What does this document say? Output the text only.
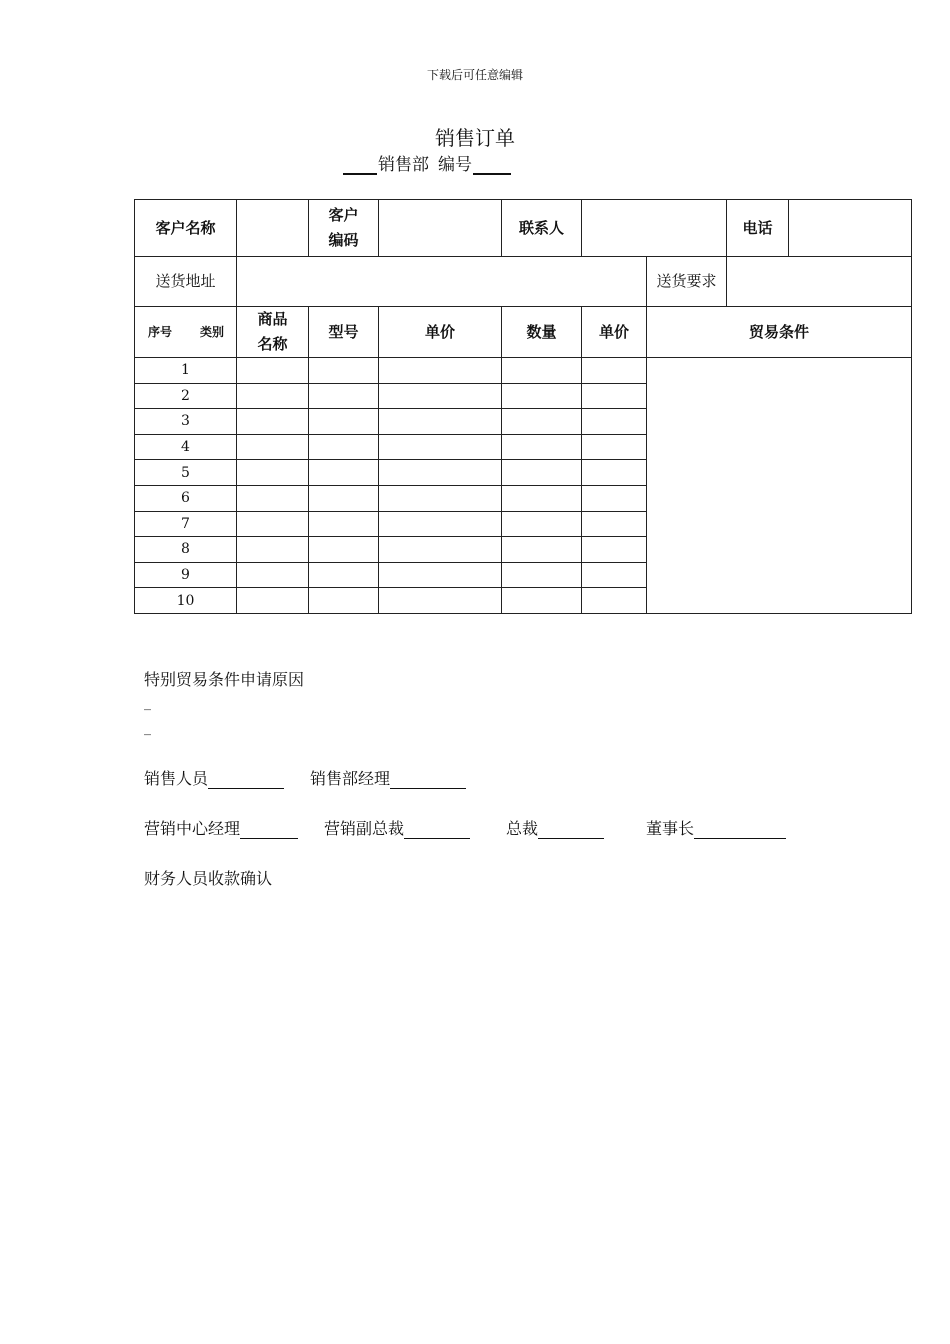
下载后可任意编辑
销售订单
销售部 编号
客户名称		客户编码		联系人			电话	
送货地址						送货要求		

序号 类别	商品名称	型号	单价	数量	单价	贸易条件		
1								
2								
3								
4								
5								
6								
7								
8								
9								
10								
特别贸易条件申请原因
_
_
销售人员	销售部经理
营销中心经理	营销副总裁	总裁	董事长
财务人员收款确认
